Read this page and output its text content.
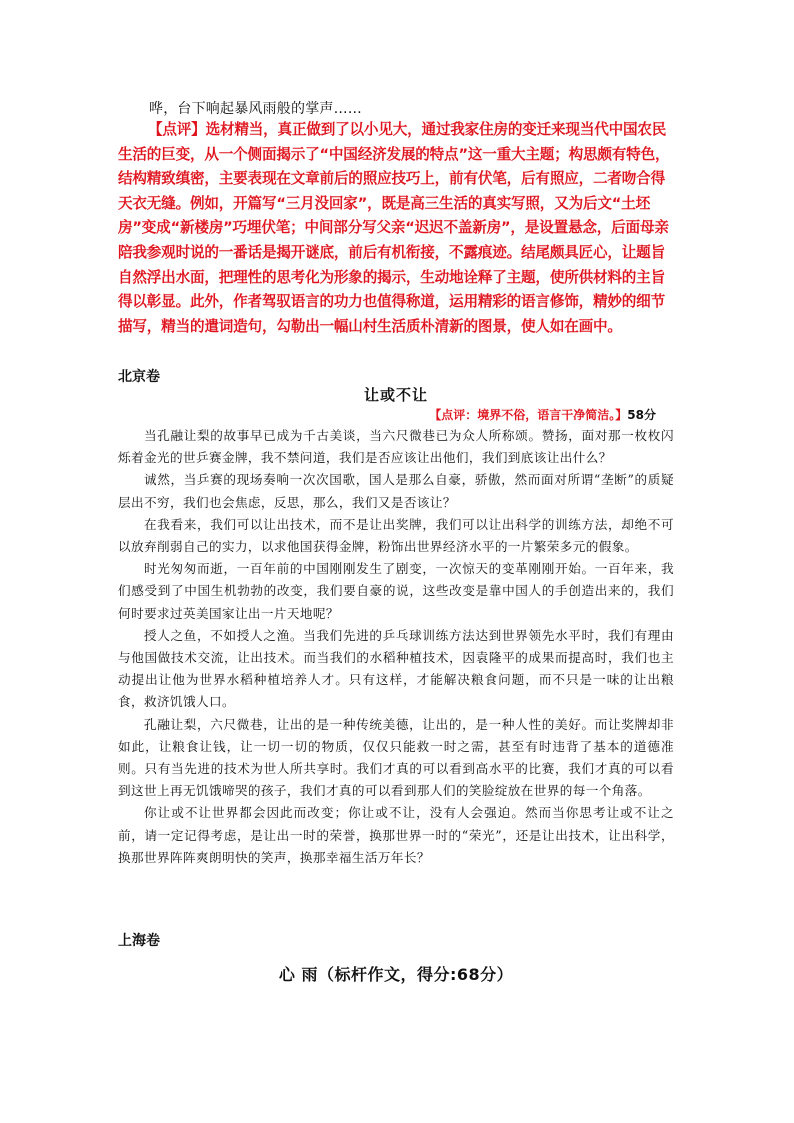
哗，台下响起暴风雨般的掌声……
【点评】选材精当，真正做到了以小见大，通过我家住房的变迁来现当代中国农民生活的巨变，从一个侧面揭示了“中国经济发展的特点”这一重大主题；构思颇有特色，结构精致缜密，主要表现在文章前后的照应技巧上，前有伏笔，后有照应，二者吻合得天衣无缝。例如，开篇写“三月没回家”，既是高三生活的真实写照，又为后文“土坯房”变成“新楼房”巧埋伏笔；中间部分写父亲“迟迟不盖新房”，是设置悬念，后面母亲陪我参观时说的一番话是揭开谜底，前后有机衔接，不露痕迹。结尾颇具匠心，让题旨自然浮出水面，把理性的思考化为形象的揭示，生动地诠释了主题，使所供材料的主旨得以彰显。此外，作者驾驭语言的功力也值得称道，运用精彩的语言修饰，精妙的细节描写，精当的遣词造句，勾勒出一幅山村生活质朴清新的图景，使人如在画中。
北京卷
让或不让
【点评：境界不俗，语言干净简洁。】58分

当孔融让梨的故事早已成为千古美谈，当六尺微巷已为众人所称颂。赞扬，面对那一枚枚闪烁着金光的世乒赛金牌，我不禁问道，我们是否应该让出他们，我们到底该让出什么？

诚然，当乒赛的现场奏响一次次国歌，国人是那么自豪，骄傲，然而面对所谓“垄断”的质疑层出不穷，我们也会焦虑，反思，那么，我们又是否该让？

在我看来，我们可以让出技术，而不是让出奖牌，我们可以让出科学的训练方法，却绝不可以放弃削弱自己的实力，以求他国获得金牌，粉饰出世界经济水平的一片繁荣多元的假象。

时光匆匆而逝，一百年前的中国刚刚发生了剧变，一次惊天的变革刚刚开始。一百年来，我们感受到了中国生机勃勃的改变，我们要自豪的说，这些改变是靠中国人的手创造出来的，我们何时要求过英美国家让出一片天地呢？

授人之鱼，不如授人之渔。当我们先进的乒乓球训练方法达到世界领先水平时，我们有理由与他国做技术交流，让出技术。而当我们的水稻种植技术，因袁隆平的成果而提高时，我们也主动提出让他为世界水稻种植培养人才。只有这样，才能解决粮食问题，而不只是一味的让出粮食，救济饥饿人口。

孔融让梨，六尺微巷，让出的是一种传统美德，让出的，是一种人性的美好。而让奖牌却非如此，让粮食让钱，让一切一切的物质，仅仅只能救一时之需，甚至有时违背了基本的道德准则。只有当先进的技术为世人所共享时。我们才真的可以看到高水平的比赛，我们才真的可以看到这世上再无饥饿啼哭的孩子，我们才真的可以看到那人们的笑脸绽放在世界的每一个角落。

你让或不让世界都会因此而改变；你让或不让，没有人会强迫。然而当你思考让或不让之前，请一定记得考虑，是让出一时的荣誉，换那世界一时的“荣光”，还是让出技术，让出科学，换那世界阵阵爽朗明快的笑声，换那幸福生活万年长？

上海卷
心 雨（标杆作文，得分:68分）
